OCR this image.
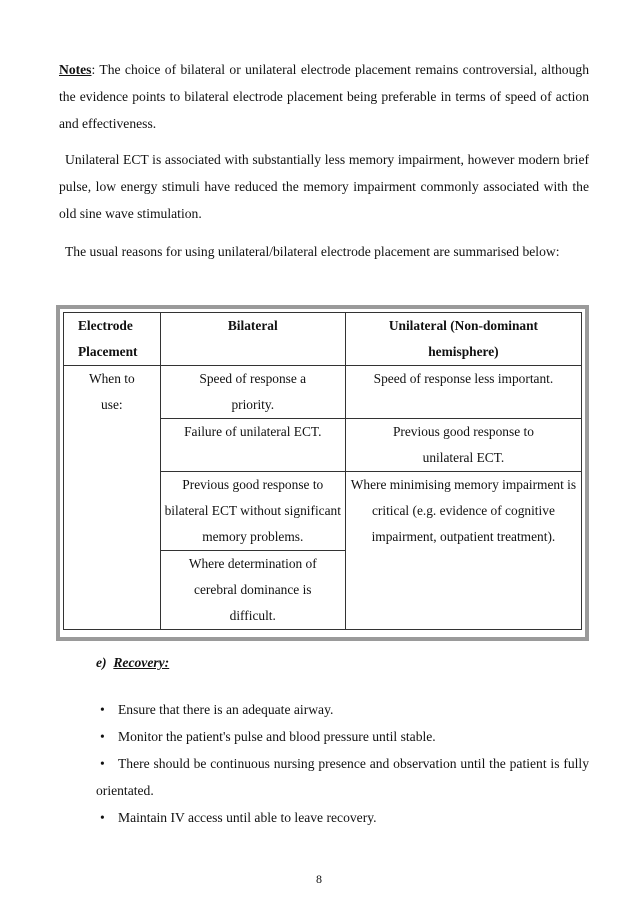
Notes: The choice of bilateral or unilateral electrode placement remains controversial, although the evidence points to bilateral electrode placement being preferable in terms of speed of action and effectiveness.

Unilateral ECT is associated with substantially less memory impairment, however modern brief pulse, low energy stimuli have reduced the memory impairment commonly associated with the old sine wave stimulation.

The usual reasons for using unilateral/bilateral electrode placement are summarised below:

Electrode Placement	Bilateral	Unilateral (Non-dominant hemisphere)
When to use:	Speed of response a priority.	Speed of response less important.
	Failure of unilateral ECT.	Previous good response to unilateral ECT.
	Previous good response to bilateral ECT without significant memory problems.	Where minimising memory impairment is critical (e.g. evidence of cognitive impairment, outpatient treatment).
	Where determination of cerebral dominance is difficult.	

e) Recovery:

• Ensure that there is an adequate airway.
• Monitor the patient's pulse and blood pressure until stable.
• There should be continuous nursing presence and observation until the patient is fully orientated.
• Maintain IV access until able to leave recovery.
8
